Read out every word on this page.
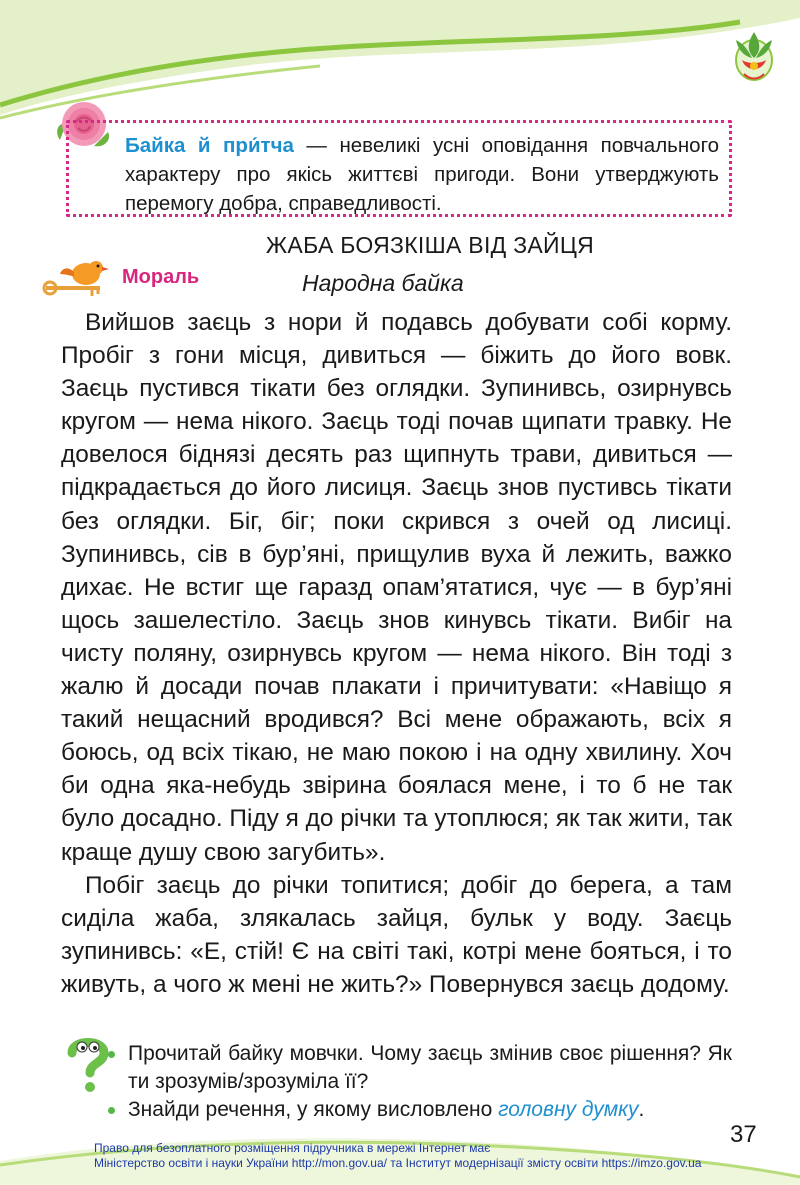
Байка й при́тча — невеликі усні оповідання повчального характеру про якісь життєві пригоди. Вони утверджують перемогу добра, справедливості.
ЖАБА БОЯЗКІША ВІД ЗАЙЦЯ
Мораль	Народна байка

Вийшов заєць з нори й подавсь добувати собі корму. Пробіг з гони місця, дивиться — біжить до його вовк. Заєць пустився тікати без оглядки. Зупинивсь, озирнувсь кругом — нема нікого. Заєць тоді почав щипати травку. Не довелося біднязі десять раз щипнуть трави, дивиться — підкрадається до його лисиця. Заєць знов пустивсь тікати без оглядки. Біг, біг; поки скрився з очей од лисиці. Зупинивсь, сів в бур’яні, прищулив вуха й лежить, важко дихає. Не встиг ще гаразд опам’ятатися, чує — в бур’яні щось зашелестіло. Заєць знов кинувсь тікати. Вибіг на чисту поляну, озирнувсь кругом — нема нікого. Він тоді з жалю й досади почав плакати і причитувати: «Навіщо я такий нещасний вродився? Всі мене ображають, всіх я боюсь, од всіх тікаю, не маю покою і на одну хвилину. Хоч би одна яка-небудь звірина боялася мене, і то б не так було досадно. Піду я до річки та утоплюся; як так жити, так краще душу свою загубить».

Побіг заєць до річки топитися; добіг до берега, а там сиділа жаба, злякалась зайця, бульк у воду. Заєць зупинивсь: «Е, стій! Є на світі такі, котрі мене бояться, і то живуть, а чого ж мені не жить?» Повернувся заєць додому.

Прочитай байку мовчки. Чому заєць змінив своє рішення? Як ти зрозумів/зрозуміла її?
Знайди речення, у якому висловлено головну думку.
37
Право для безоплатного розміщення підручника в мережі Інтернет має
Міністерство освіти і науки України http://mon.gov.ua/ та Інститут модернізації змісту освіти https://imzo.gov.ua
